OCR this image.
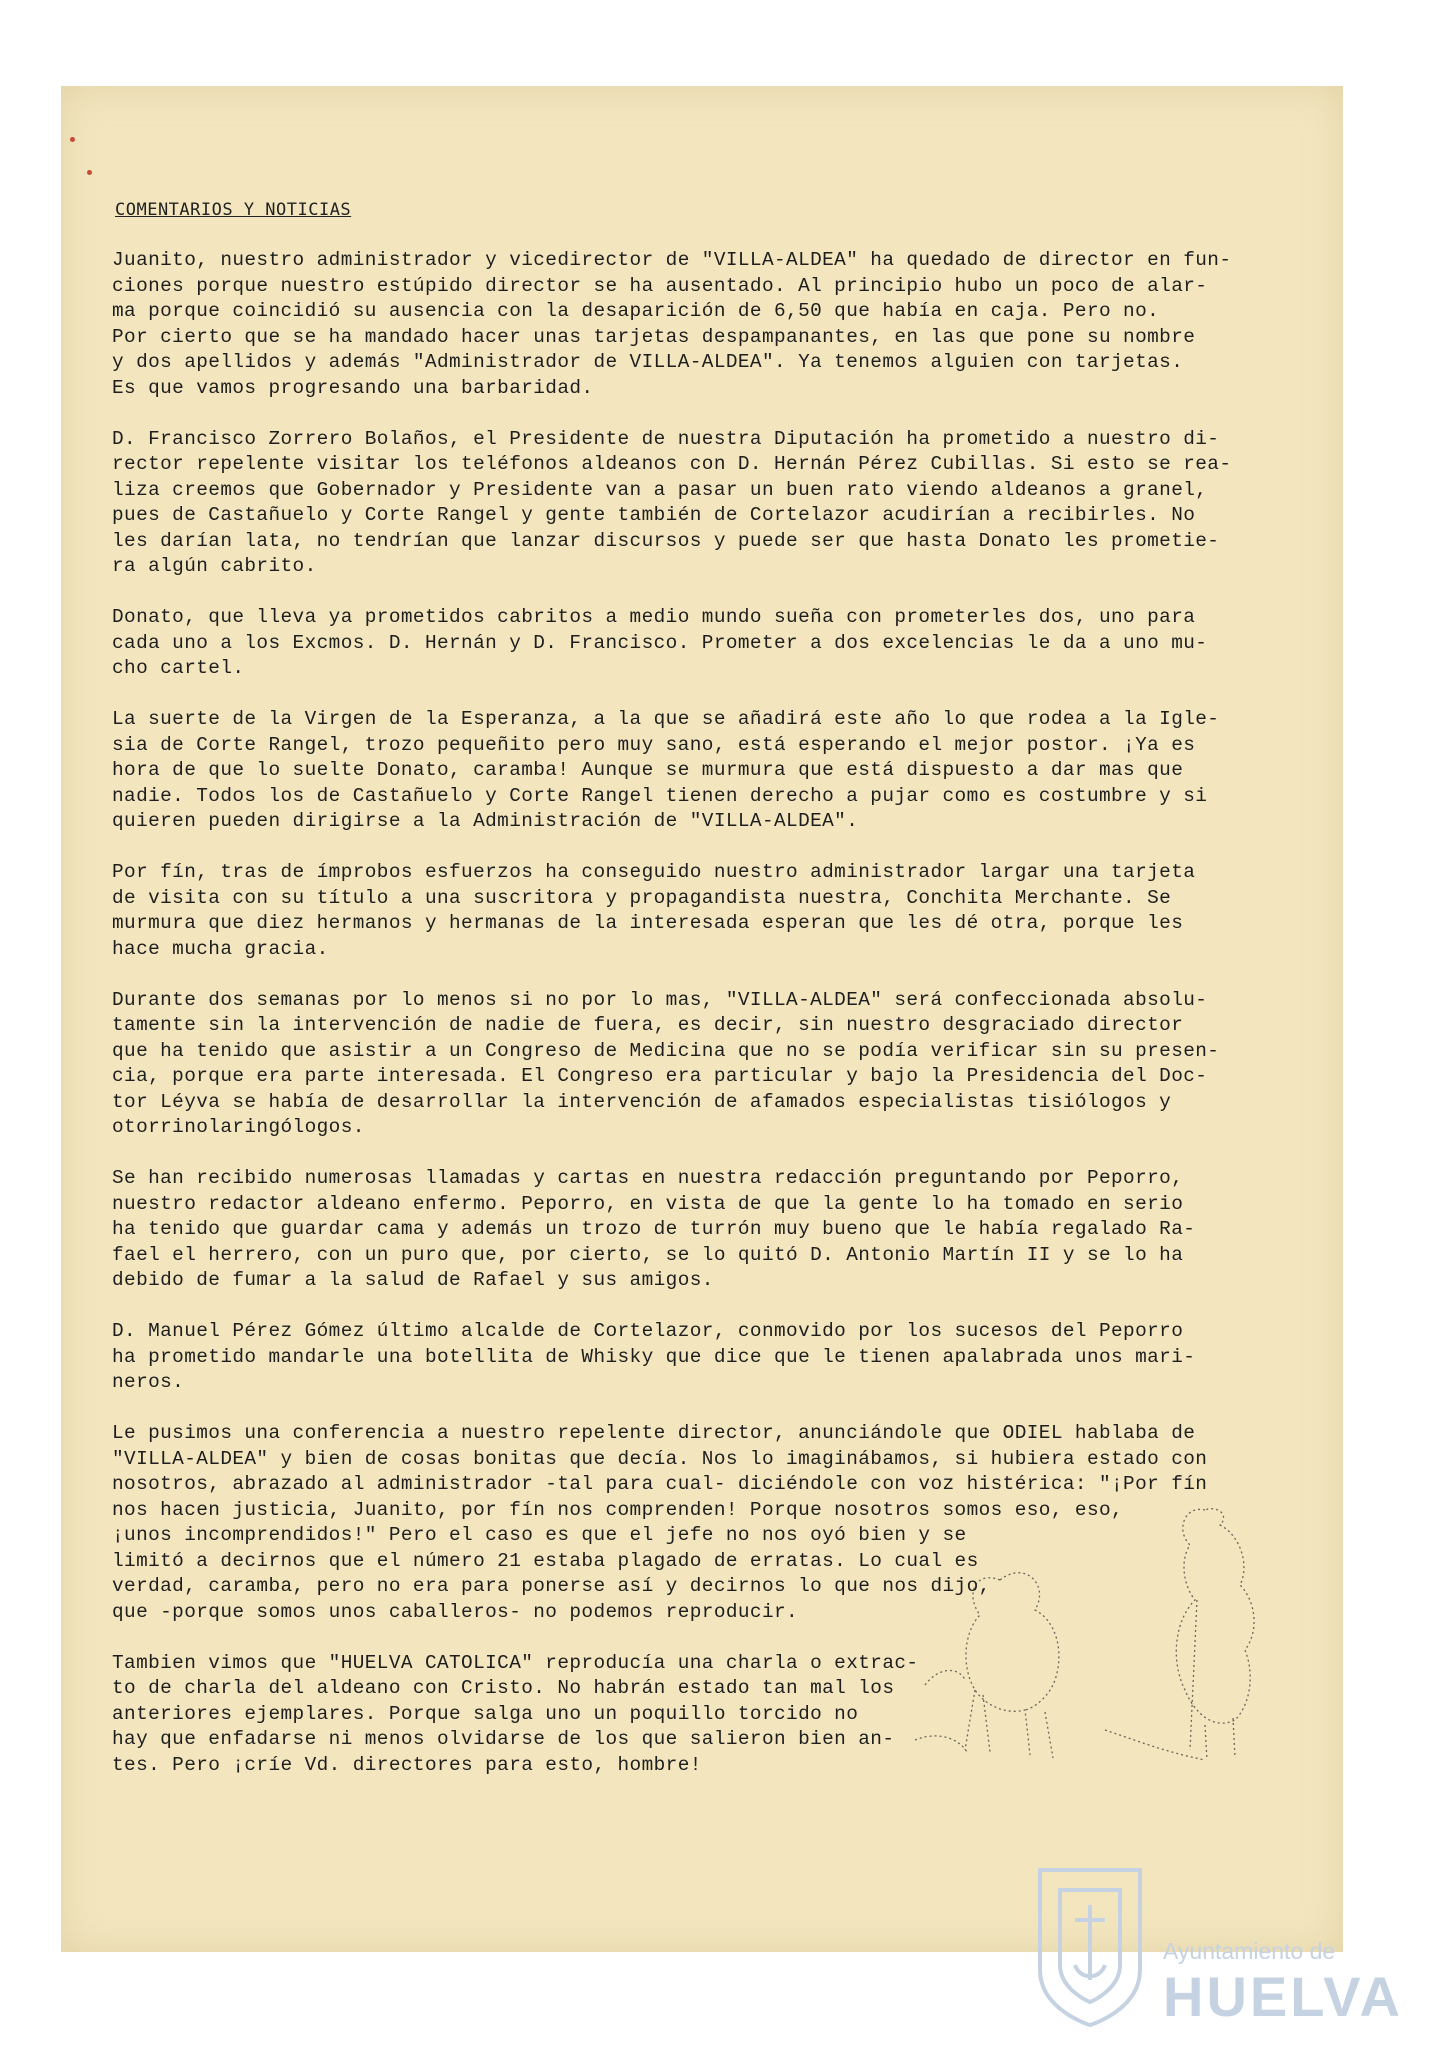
COMENTARIOS Y NOTICIAS
Juanito, nuestro administrador y vicedirector de "VILLA-ALDEA" ha quedado de director en fun-
ciones porque nuestro estúpido director se ha ausentado. Al principio hubo un poco de alar-
ma porque coincidió su ausencia con la desaparición de 6,50 que había en caja. Pero no.
Por cierto que se ha mandado hacer unas tarjetas despampanantes, en las que pone su nombre
y dos apellidos y además "Administrador de VILLA-ALDEA". Ya tenemos alguien con tarjetas.
Es que vamos progresando una barbaridad.
D. Francisco Zorrero Bolaños, el Presidente de nuestra Diputación ha prometido a nuestro di-
rector repelente visitar los teléfonos aldeanos con D. Hernán Pérez Cubillas. Si esto se rea-
liza creemos que Gobernador y Presidente van a pasar un buen rato viendo aldeanos a granel,
pues de Castañuelo y Corte Rangel y gente también de Cortelazor acudirían a recibirles. No
les darían lata, no tendrían que lanzar discursos y puede ser que hasta Donato les prometie-
ra algún cabrito.
Donato, que lleva ya prometidos cabritos a medio mundo sueña con prometerles dos, uno para
cada uno a los Excmos. D. Hernán y D. Francisco. Prometer a dos excelencias le da a uno mu-
cho cartel.
La suerte de la Virgen de la Esperanza, a la que se añadirá este año lo que rodea a la Igle-
sia de Corte Rangel, trozo pequeñito pero muy sano, está esperando el mejor postor. ¡Ya es
hora de que lo suelte Donato, caramba! Aunque se murmura que está dispuesto a dar mas que
nadie. Todos los de Castañuelo y Corte Rangel tienen derecho a pujar como es costumbre y si
quieren pueden dirigirse a la Administración de "VILLA-ALDEA".
Por fín, tras de ímprobos esfuerzos ha conseguido nuestro administrador largar una tarjeta
de visita con su título a una suscritora y propagandista nuestra, Conchita Merchante. Se
murmura que diez hermanos y hermanas de la interesada esperan que les dé otra, porque les
hace mucha gracia.
Durante dos semanas por lo menos si no por lo mas, "VILLA-ALDEA" será confeccionada absolu-
tamente sin la intervención de nadie de fuera, es decir, sin nuestro desgraciado director
que ha tenido que asistir a un Congreso de Medicina que no se podía verificar sin su presen-
cia, porque era parte interesada. El Congreso era particular y bajo la Presidencia del Doc-
tor Léyva se había de desarrollar la intervención de afamados especialistas tisiólogos y
otorrinolaringólogos.
Se han recibido numerosas llamadas y cartas en nuestra redacción preguntando por Peporro,
nuestro redactor aldeano enfermo. Peporro, en vista de que la gente lo ha tomado en serio
ha tenido que guardar cama y además un trozo de turrón muy bueno que le había regalado Ra-
fael el herrero, con un puro que, por cierto, se lo quitó D. Antonio Martín II y se lo ha
debido de fumar a la salud de Rafael y sus amigos.
D. Manuel Pérez Gómez último alcalde de Cortelazor, conmovido por los sucesos del Peporro
ha prometido mandarle una botellita de Whisky que dice que le tienen apalabrada unos mari-
neros.
Le pusimos una conferencia a nuestro repelente director, anunciándole que ODIEL hablaba de
"VILLA-ALDEA" y bien de cosas bonitas que decía. Nos lo imaginábamos, si hubiera estado con
nosotros, abrazado al administrador -tal para cual- diciéndole con voz histérica: "¡Por fín
nos hacen justicia, Juanito, por fín nos comprenden! Porque nosotros somos eso, eso,
¡unos incomprendidos!" Pero el caso es que el jefe no nos oyó bien y se
limitó a decirnos que el número 21 estaba plagado de erratas. Lo cual es
verdad, caramba, pero no era para ponerse así y decirnos lo que nos dijo,
que -porque somos unos caballeros- no podemos reproducir.
Tambien vimos que "HUELVA CATOLICA" reproducía una charla o extrac-
to de charla del aldeano con Cristo. No habrán estado tan mal los
anteriores ejemplares. Porque salga uno un poquillo torcido no
hay que enfadarse ni menos olvidarse de los que salieron bien an-
tes. Pero ¡críe Vd. directores para esto, hombre!
Ayuntamiento de
HUELVA
